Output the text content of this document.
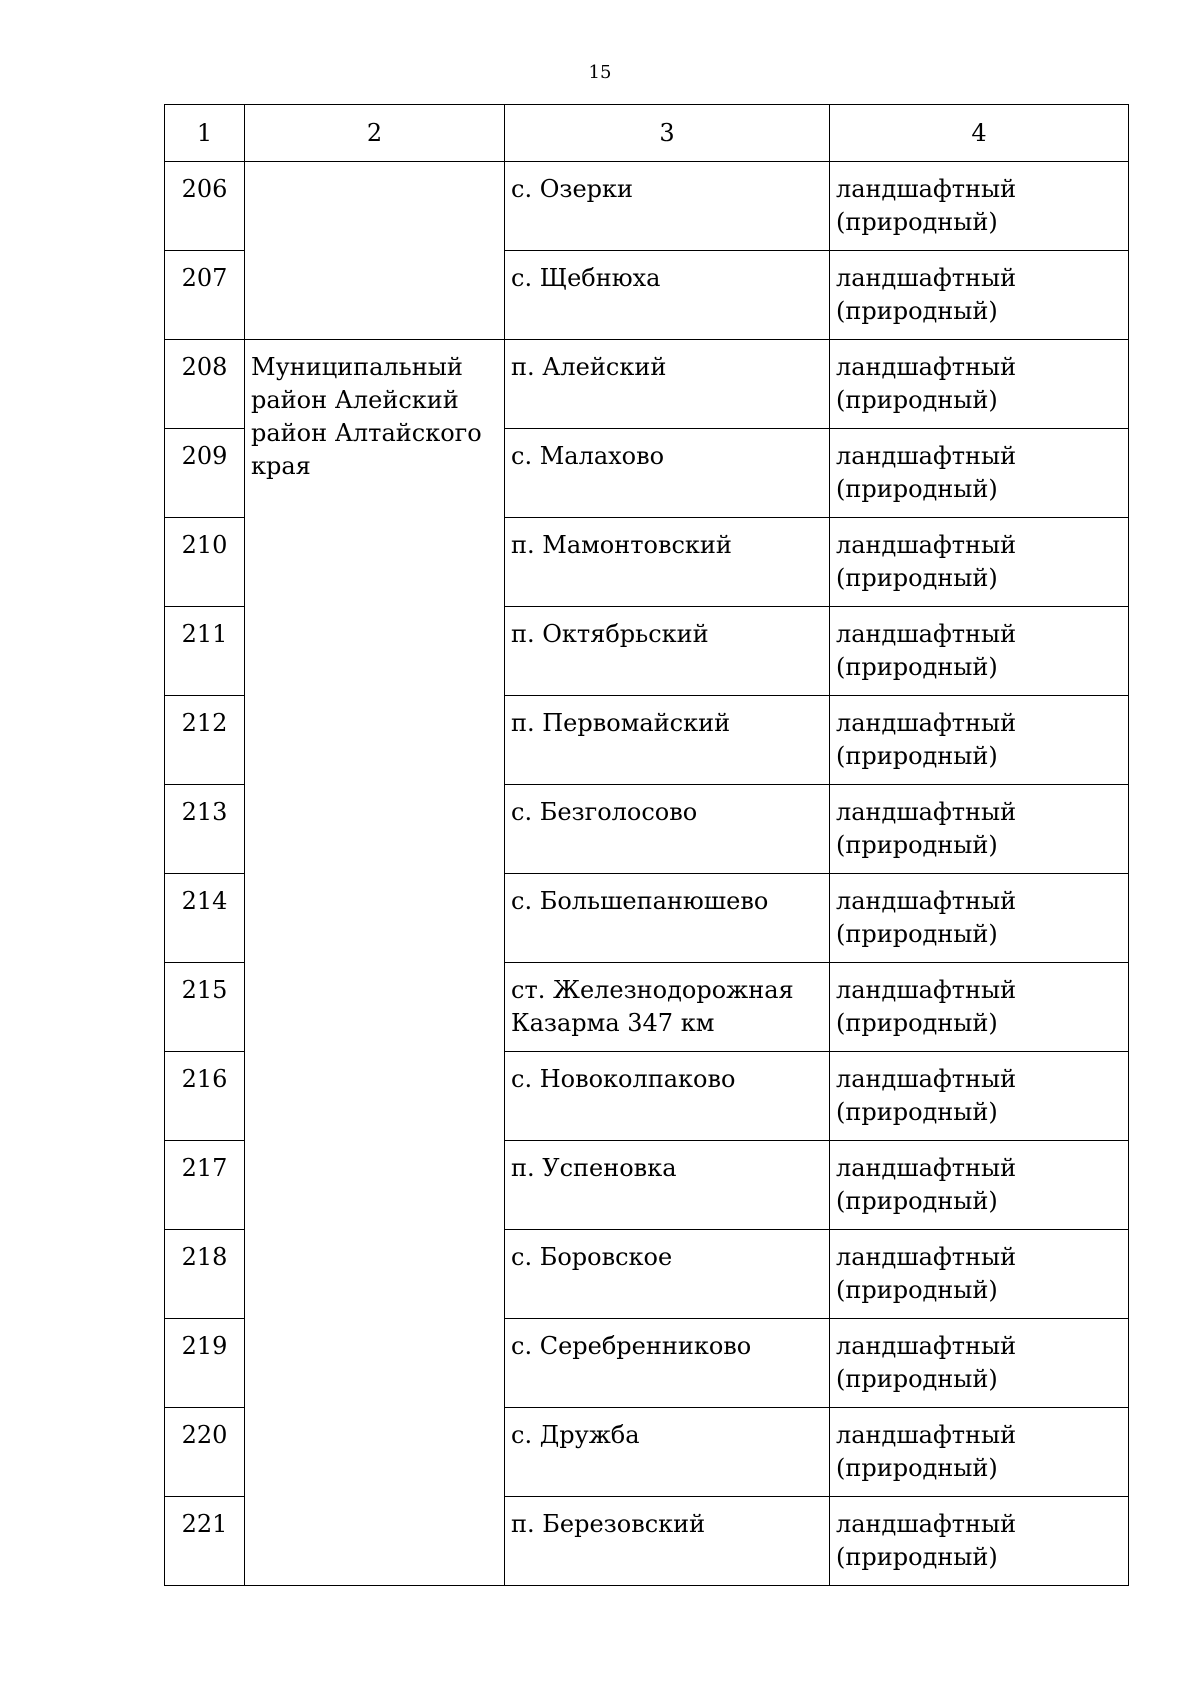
15
1	2	3	4
206		с. Озерки	ландшафтный (природный)
207		с. Щебнюха	ландшафтный (природный)
208	Муниципальный район Алейский район Алтайского края	п. Алейский	ландшафтный (природный)
209		с. Малахово	ландшафтный (природный)
210		п. Мамонтовский	ландшафтный (природный)
211		п. Октябрьский	ландшафтный (природный)
212		п. Первомайский	ландшафтный (природный)
213		с. Безголосово	ландшафтный (природный)
214		с. Большепанюшево	ландшафтный (природный)
215		ст. Железнодорожная Казарма 347 км	ландшафтный (природный)
216		с. Новоколпаково	ландшафтный (природный)
217		п. Успеновка	ландшафтный (природный)
218		с. Боровское	ландшафтный (природный)
219		с. Серебренниково	ландшафтный (природный)
220		с. Дружба	ландшафтный (природный)
221		п. Березовский	ландшафтный (природный)
